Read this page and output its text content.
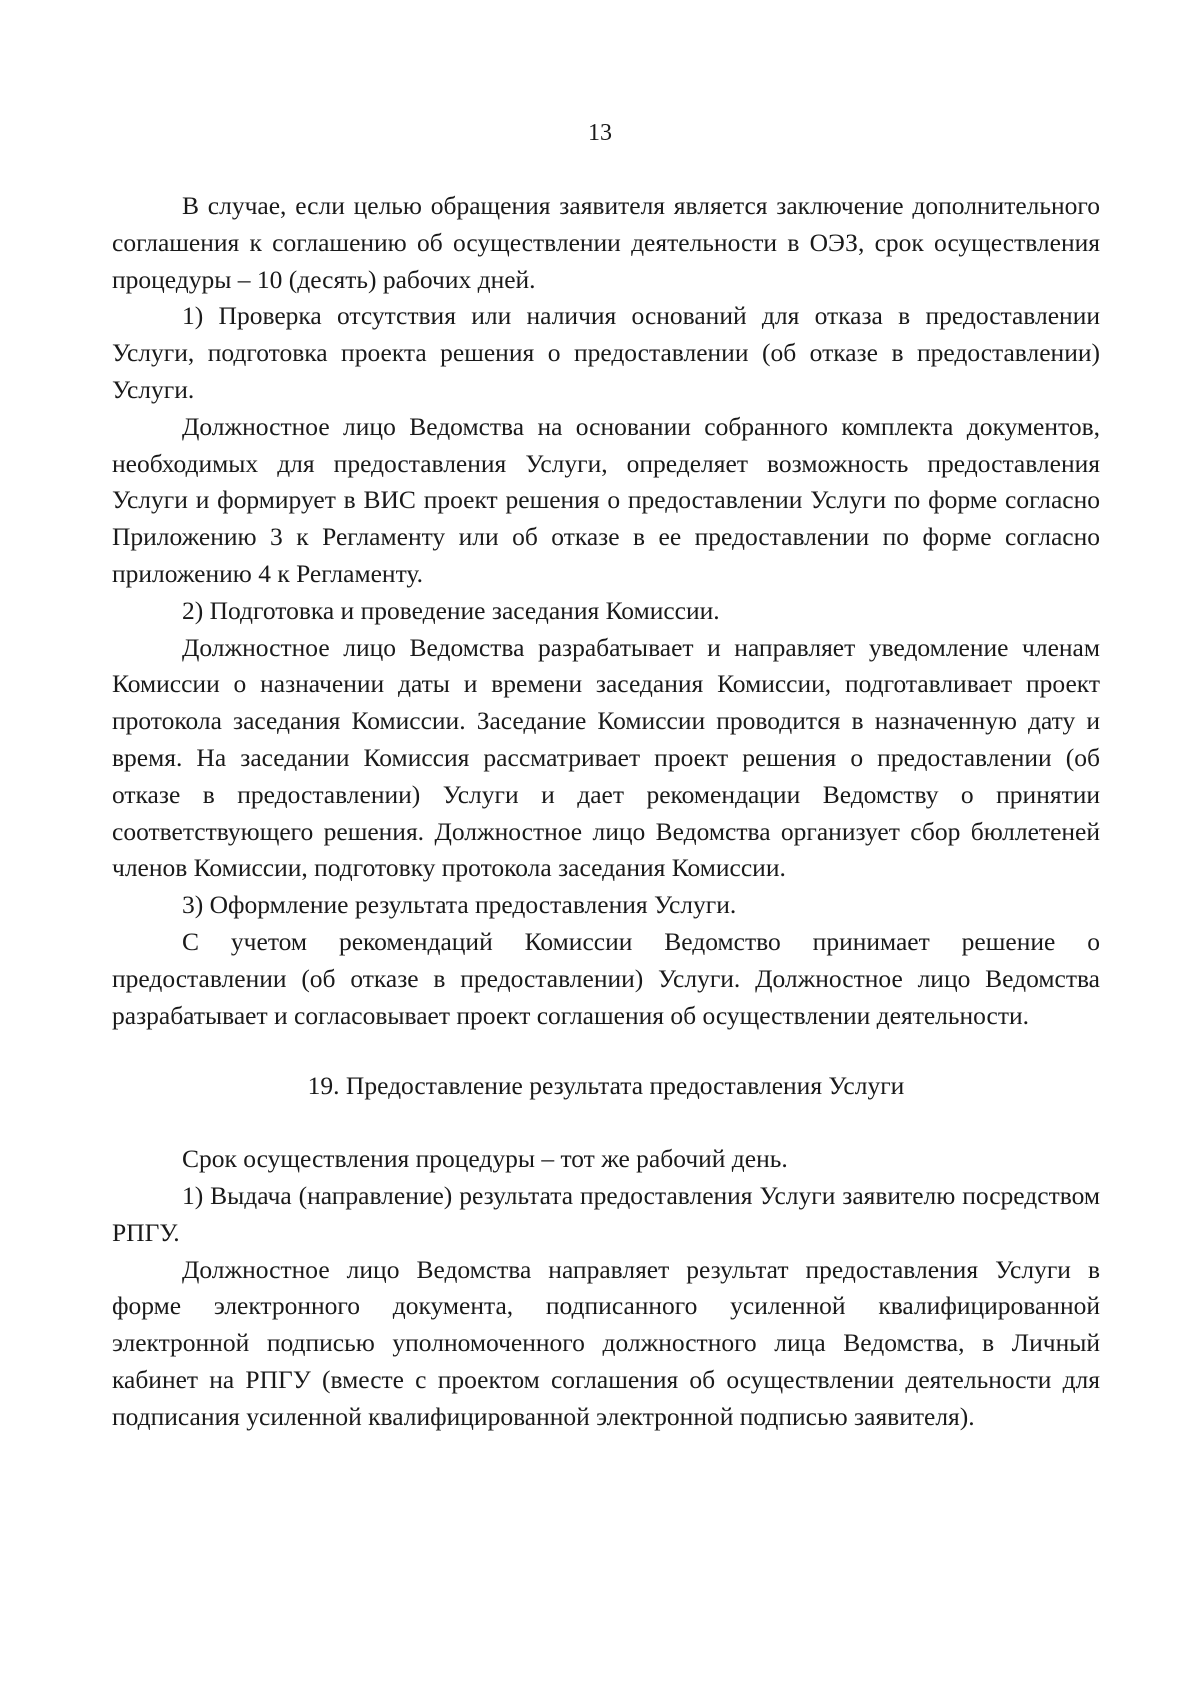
13

В случае, если целью обращения заявителя является заключение дополнительного соглашения к соглашению об осуществлении деятельности в ОЭЗ, срок осуществления процедуры – 10 (десять) рабочих дней.

1) Проверка отсутствия или наличия оснований для отказа в предоставлении Услуги, подготовка проекта решения о предоставлении (об отказе в предоставлении) Услуги.

Должностное лицо Ведомства на основании собранного комплекта документов, необходимых для предоставления Услуги, определяет возможность предоставления Услуги и формирует в ВИС проект решения о предоставлении Услуги по форме согласно Приложению 3 к Регламенту или об отказе в ее предоставлении по форме согласно приложению 4 к Регламенту.

2) Подготовка и проведение заседания Комиссии.

Должностное лицо Ведомства разрабатывает и направляет уведомление членам Комиссии о назначении даты и времени заседания Комиссии, подготавливает проект протокола заседания Комиссии. Заседание Комиссии проводится в назначенную дату и время. На заседании Комиссия рассматривает проект решения о предоставлении (об отказе в предоставлении) Услуги и дает рекомендации Ведомству о принятии соответствующего решения. Должностное лицо Ведомства организует сбор бюллетеней членов Комиссии, подготовку протокола заседания Комиссии.

3) Оформление результата предоставления Услуги.

С учетом рекомендаций Комиссии Ведомство принимает решение о предоставлении (об отказе в предоставлении) Услуги. Должностное лицо Ведомства разрабатывает и согласовывает проект соглашения об осуществлении деятельности.

19. Предоставление результата предоставления Услуги

Срок осуществления процедуры – тот же рабочий день.

1) Выдача (направление) результата предоставления Услуги заявителю посредством РПГУ.

Должностное лицо Ведомства направляет результат предоставления Услуги в форме электронного документа, подписанного усиленной квалифицированной электронной подписью уполномоченного должностного лица Ведомства, в Личный кабинет на РПГУ (вместе с проектом соглашения об осуществлении деятельности для подписания усиленной квалифицированной электронной подписью заявителя).
